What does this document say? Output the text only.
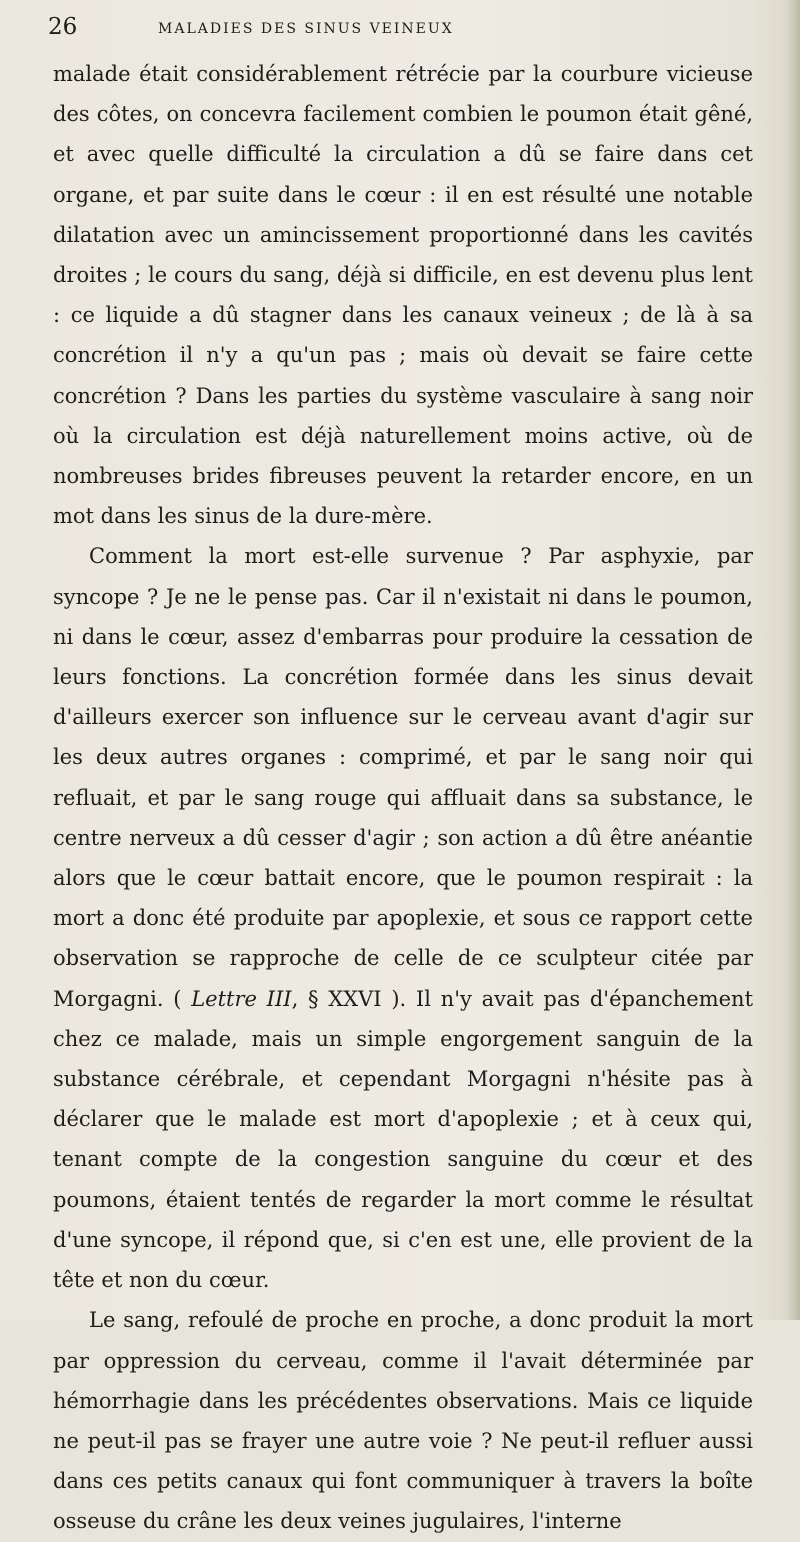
26	MALADIES DES SINUS VEINEUX

malade était considérablement rétrécie par la courbure vicieuse des côtes, on concevra facilement combien le poumon était gêné, et avec quelle difficulté la circulation a dû se faire dans cet organe, et par suite dans le cœur : il en est résulté une notable dilatation avec un amincissement proportionné dans les cavités droites ; le cours du sang, déjà si difficile, en est devenu plus lent : ce liquide a dû stagner dans les canaux veineux ; de là à sa concrétion il n'y a qu'un pas ; mais où devait se faire cette concrétion ? Dans les parties du système vasculaire à sang noir où la circulation est déjà naturellement moins active, où de nombreuses brides fibreuses peuvent la retarder encore, en un mot dans les sinus de la dure-mère.

Comment la mort est-elle survenue ? Par asphyxie, par syncope ? Je ne le pense pas. Car il n'existait ni dans le poumon, ni dans le cœur, assez d'embarras pour produire la cessation de leurs fonctions. La concrétion formée dans les sinus devait d'ailleurs exercer son influence sur le cerveau avant d'agir sur les deux autres organes : comprimé, et par le sang noir qui refluait, et par le sang rouge qui affluait dans sa substance, le centre nerveux a dû cesser d'agir ; son action a dû être anéantie alors que le cœur battait encore, que le poumon respirait : la mort a donc été produite par apoplexie, et sous ce rapport cette observation se rapproche de celle de ce sculpteur citée par Morgagni. ( Lettre III, § XXVI ). Il n'y avait pas d'épanchement chez ce malade, mais un simple engorgement sanguin de la substance cérébrale, et cependant Morgagni n'hésite pas à déclarer que le malade est mort d'apoplexie ; et à ceux qui, tenant compte de la congestion sanguine du cœur et des poumons, étaient tentés de regarder la mort comme le résultat d'une syncope, il répond que, si c'en est une, elle provient de la tête et non du cœur.

Le sang, refoulé de proche en proche, a donc produit la mort par oppression du cerveau, comme il l'avait déterminée par hémorrhagie dans les précédentes observations. Mais ce liquide ne peut-il pas se frayer une autre voie ? Ne peut-il refluer aussi dans ces petits canaux qui font communiquer à travers la boîte osseuse du crâne les deux veines jugulaires, l'interne
